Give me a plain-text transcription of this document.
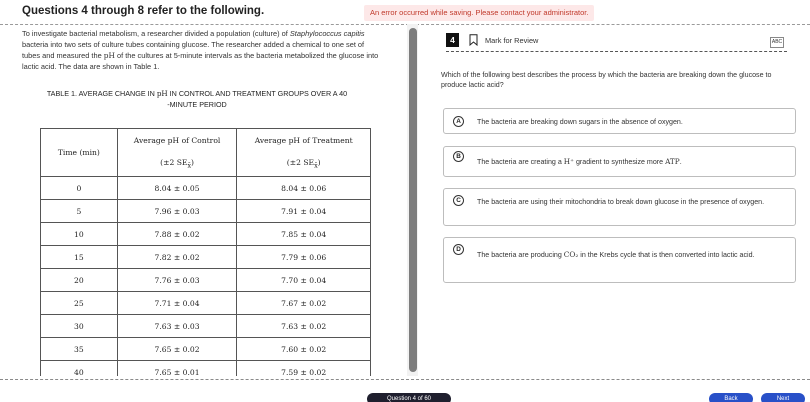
Questions 4 through 8 refer to the following.	An error occurred while saving. Please contact your administrator.
To investigate bacterial metabolism, a researcher divided a population (culture) of Staphylococcus capitis bacteria into two sets of culture tubes containing glucose. The researcher added a chemical to one set of tubes and measured the pH of the cultures at 5-minute intervals as the bacteria metabolized the glucose into lactic acid. The data are shown in Table 1.
TABLE 1. AVERAGE CHANGE IN pH IN CONTROL AND TREATMENT GROUPS OVER A 40
-MINUTE PERIOD
Time (min)	Average pH of Control	Average pH of Treatment
	(±2 $SE_{x̄}$)	(±2 $SE_{x̄}$)
0	8.04 ± 0.05	8.04 ± 0.06
5	7.96 ± 0.03	7.91 ± 0.04
10	7.88 ± 0.02	7.85 ± 0.04
15	7.82 ± 0.02	7.79 ± 0.06
20	7.76 ± 0.03	7.70 ± 0.04
25	7.71 ± 0.04	7.67 ± 0.02
30	7.63 ± 0.03	7.63 ± 0.02
35	7.65 ± 0.02	7.60 ± 0.02
40	7.65 ± 0.01	7.59 ± 0.02
4	Mark for Review	ABC
Which of the following best describes the process by which the bacteria are breaking down the glucose to produce lactic acid?
A	The bacteria are breaking down sugars in the absence of oxygen.
B
The bacteria are creating a H⁺ gradient to synthesize more ATP.
C	The bacteria are using their mitochondria to break down glucose in the presence of oxygen.
D
The bacteria are producing CO₂ in the Krebs cycle that is then converted into lactic acid.
Question 4 of 60	Back	Next
